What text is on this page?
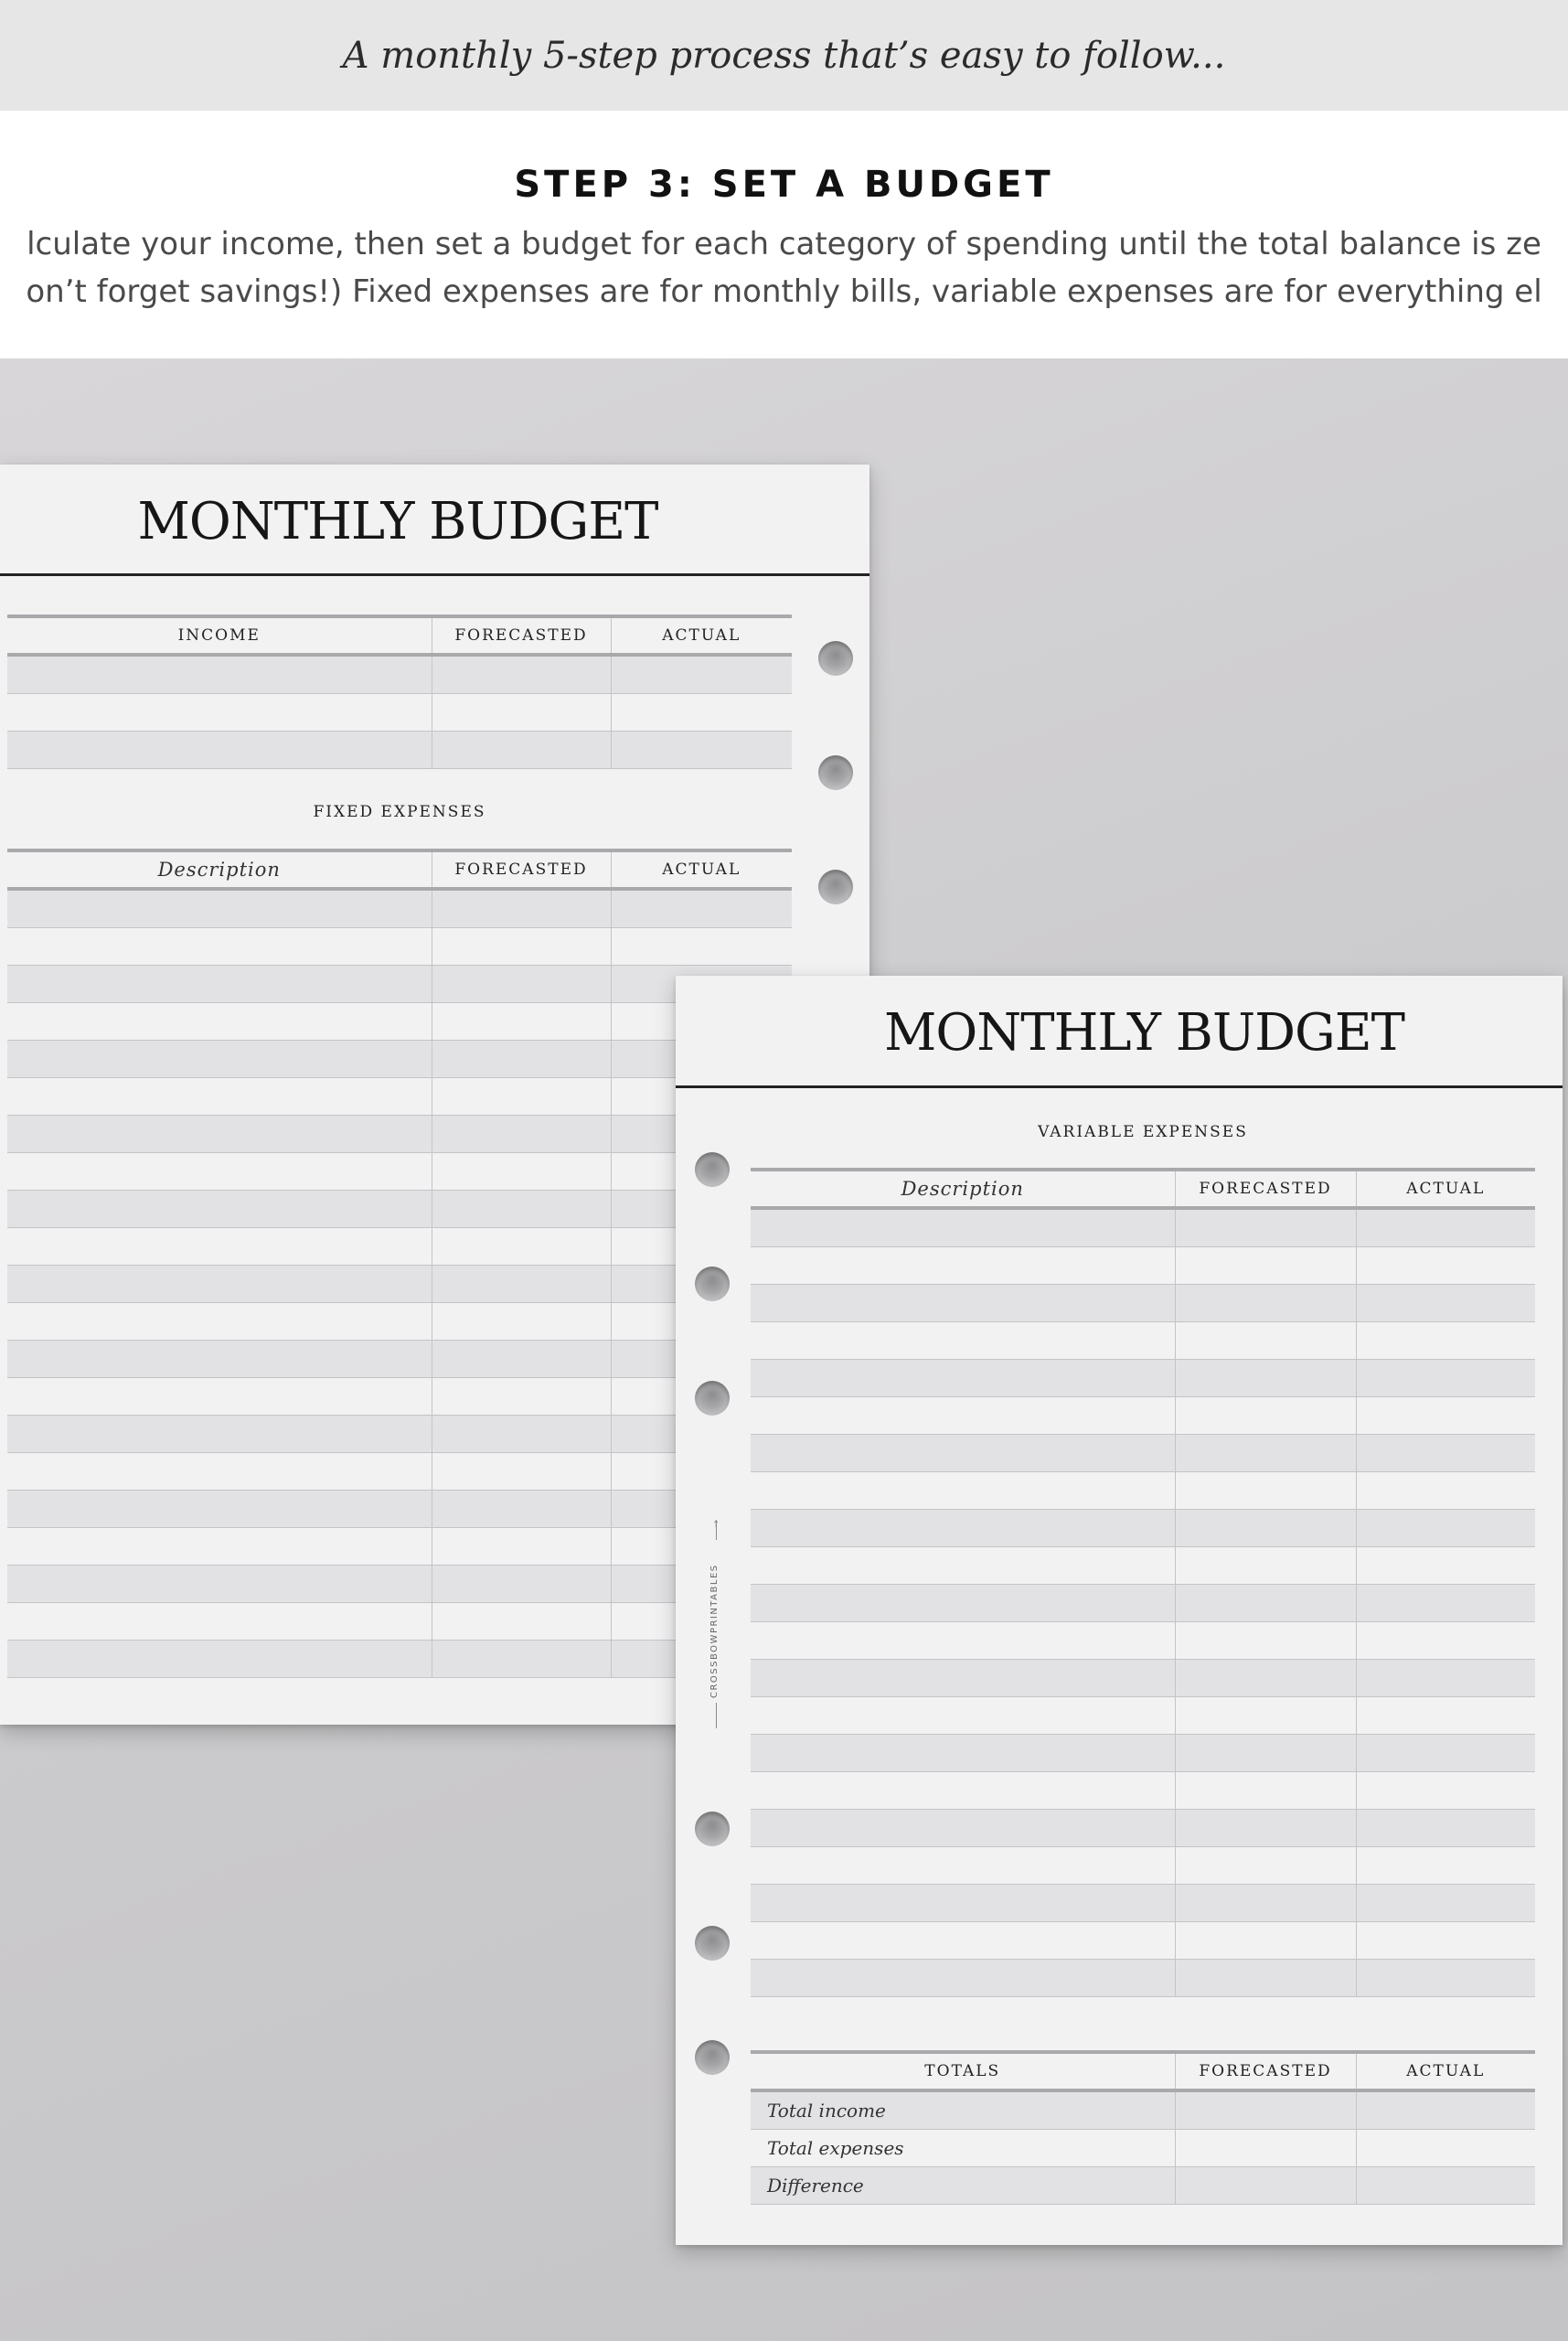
A monthly 5-step process that’s easy to follow...
STEP 3: SET A BUDGET
lculate your income, then set a budget for each category of spending until the total balance is ze
on’t forget savings!) Fixed expenses are for monthly bills, variable expenses are for everything el
MONTHLY BUDGET
INCOME	FORECASTED	ACTUAL

FIXED EXPENSES
Description	FORECASTED	ACTUAL

MONTHLY BUDGET
VARIABLE EXPENSES
Description	FORECASTED	ACTUAL

TOTALS	FORECASTED	ACTUAL
Total income		
Total expenses		
Difference		
↑
CROSSBOWPRINTABLES
